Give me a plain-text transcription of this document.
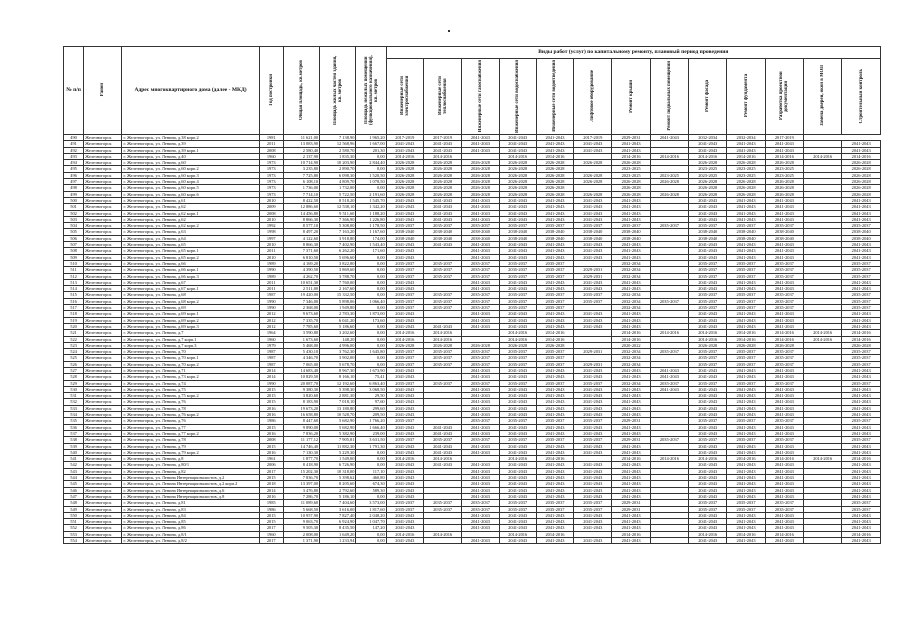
№ п/п	Район	Адрес многоквартирного дома (далее - МКД)	Год постройки	Общая площадь, кв.метров	Площадь жилых частей здания, кв. метров	Площадь нежилых помещений (функционального назначения), кв. метров	Виды работ (услуг) по капитальному ремонту, плановый период проведения												
							Инженерные сети электроснабжения	Инженерные сети теплоснабжения	Инженерные сети газоснабжения	Инженерные сети водоснабжения	Инженерные сети водоотведения	Лифтовое оборудование	Ремонт крыши	Ремонт подвальных помещений	Ремонт фасада	Ремонт фундамента	Разработка проектной документации	Замена дверей, окон в МОП	Строительный контроль
490	Железногорск	г. Железногорск, ул. Ленина, д.38 корп.2	1981	11 621,00	7 138,90	1 965,20	2017-2019	2017-2019	2041-2043	2041-2043	2041-2043	2017-2019	2029-2031	2041-2043	2032-2034	2032-2034	2017-2019		
491	Железногорск	г. Железногорск, ул. Ленина, д.39	2011	13 083,90	12 568,96	1 667,00	2041-2043	2041-2043	2041-2043	2041-2043	2041-2043	2041-2043	2041-2043		2041-2043	2041-2043	2041-2043		2041-2043
492	Железногорск	г. Железногорск, ул. Ленина, д.39 корп.1	2008	2 580,40	2 580,70	201,30	2041-2043	2041-2043	2041-2043	2041-2043	2041-2043	2041-2043	2041-2043		2041-2043	2041-2043	2041-2043		2041-2043
493	Железногорск	г. Железногорск, ул. Ленина, д.40	1960	2 137,90	1 835,30	0,00	2014-2016	2014-2016		2014-2016	2014-2016		2014-2016	2014-2016	2014-2016	2014-2016	2014-2016	2014-2016	2014-2016
494	Железногорск	г. Железногорск, ул. Ленина, д.60	1973	10 714,90	10 203,90	2 844,40	2026-2028	2026-2028	2026-2028	2026-2028	2026-2028	2026-2028	2026-2028		2026-2028	2026-2028	2026-2028		2026-2028
495	Железногорск	г. Железногорск, ул. Ленина, д.60 корп.2	1973	3 235,80	2 890,70	0,00	2026-2028	2026-2028	2026-2028	2026-2028	2026-2028		2023-2025		2023-2025	2023-2025	2023-2025		2026-2028
496	Железногорск	г. Железногорск, ул. Ленина, д.60 корп.3	1973	7 725,80	6 098,30	1 520,50	2026-2028	2026-2028	2026-2028	2026-2028	2026-2028	2026-2028	2023-2025	2023-2025	2023-2025	2023-2025	2023-2025		2026-2028
497	Железногорск	г. Железногорск, ул. Ленина, д.60 корп.4	1973	6 108,10	4 809,70	1 078,50	2026-2028	2026-2028	2026-2028	2026-2028	2026-2028	2026-2028	2026-2028	2026-2028	2026-2028	2026-2028	2026-2028		2026-2028
498	Железногорск	г. Железногорск, ул. Ленина, д.60 корп.5	1973	1 736,00	1 732,00	0,00	2026-2028	2026-2028	2026-2028	2026-2028	2026-2028		2026-2028		2026-2028	2026-2028	2026-2028		2026-2028
499	Железногорск	г. Железногорск, ул. Ленина, д.60 корп.6	1973	7 714,10	5 722,50	2 191,60	2026-2028	2026-2028	2026-2028	2026-2028	2026-2028	2026-2028	2026-2028	2026-2028	2026-2028	2026-2028	2026-2028		2026-2028
500	Железногорск	г. Железногорск, ул. Ленина, д.61	2010	8 422,50	8 518,20	1 545,70	2041-2043	2041-2043	2041-2043	2041-2043	2041-2043	2041-2043	2041-2043		2041-2043	2041-2043	2041-2043		2041-2043
501	Железногорск	г. Железногорск, ул. Ленина, д.62	2009	12 886,60	12 538,10	1 342,20	2041-2043	2041-2043	2041-2043	2041-2043	2041-2043	2041-2043	2041-2043		2041-2043	2041-2043	2041-2043		2041-2043
502	Железногорск	г. Железногорск, ул. Ленина, д.62 корп.1	2008	14 456,80	9 511,60	1 188,20	2041-2043	2041-2043	2041-2043	2041-2043	2041-2043	2041-2043	2041-2043		2041-2043	2041-2043	2041-2043		2041-2043
503	Железногорск	г. Железногорск, ул. Ленина, д.62	2010	8 866,30	7 366,90	1 226,80	2041-2043	2041-2043	2041-2043	2041-2043	2041-2043	2041-2043	2041-2043		2041-2043	2041-2043	2041-2043		2041-2043
504	Железногорск	г. Железногорск, ул. Ленина, д.62 корп.2	1992	8 577,10	5 308,00	1 178,50	2035-2037	2035-2037	2035-2037	2035-2037	2035-2037	2035-2037	2035-2037	2035-2037	2035-2037	2035-2037	2035-2037		2035-2037
505	Железногорск	г. Железногорск, ул. Ленина, д.63	1998	8 497,20	7 163,20	1 167,60	2038-2040	2038-2040	2038-2040	2038-2040	2038-2040	2038-2040	2038-2040		2038-2040	2038-2040	2038-2040		2038-2040
506	Железногорск	г. Железногорск, ул. Ленина, д.64	1997	4 122,60	3 918,80	174,00	2038-2040	2038-2040	2038-2040	2038-2040	2038-2040	2038-2040	2038-2040		2038-2040	2038-2040	2038-2040		2038-2040
507	Железногорск	г. Железногорск, ул. Ленина, д.65	2010	8 866,30	7 402,90	1 543,40	2041-2043	2041-2043	2041-2043	2041-2043	2041-2043	2041-2043	2041-2043		2041-2043	2041-2043	2041-2043		2041-2043
508	Железногорск	г. Железногорск, ул. Ленина, д.65 корп.1	2011	7 371,60	6 262,20	171,60	2041-2043		2041-2043	2041-2043	2041-2043	2041-2043	2041-2043		2041-2043	2041-2043	2041-2043		2041-2043
509	Железногорск	г. Железногорск, ул. Ленина, д.65 корп.2	2010	6 810,50	5 696,60	0,00	2041-2043		2041-2043	2041-2043	2041-2043	2041-2043	2041-2043		2041-2043	2041-2043	2041-2043		2041-2043
510	Железногорск	г. Железногорск, ул. Ленина, д.66	1989	4 169,20	3 822,80	0,00	2035-2037	2035-2037	2035-2037	2035-2037	2035-2037		2032-2034		2035-2037	2035-2037	2035-2037		2035-2037
511	Железногорск	г. Железногорск, ул. Ленина, д.66 корп.1	1990	4 390,50	3 869,60	0,00	2035-2037	2035-2037	2035-2037	2035-2037	2035-2037	2029-2031	2032-2034		2035-2037	2035-2037	2035-2037		2035-2037
512	Железногорск	г. Железногорск, ул. Ленина, д.66 корп.3	1989	4 262,70	3 788,70	0,00	2035-2037	2035-2037	2035-2037	2035-2037	2035-2037	2029-2031	2032-2034		2035-2037	2035-2037	2035-2037		2035-2037
513	Железногорск	г. Железногорск, ул. Ленина, д.67	2011	10 651,30	7 760,00	0,00	2041-2043		2041-2043	2041-2043	2041-2043	2041-2043	2041-2043		2041-2043	2041-2043	2041-2043		2041-2043
514	Железногорск	г. Железногорск, ул. Ленина, д.67 корп.1	2011	2 511,00	2 167,60	0,00	2041-2043		2041-2043	2041-2043	2041-2043	2041-2043	2041-2043		2041-2043	2041-2043	2041-2043		2041-2043
515	Железногорск	г. Железногорск, ул. Ленина, д.68	1987	19 420,00	15 332,50	0,00	2035-2037	2035-2037	2035-2037	2035-2037	2035-2037	2035-2037	2032-2034		2035-2037	2035-2037	2035-2037		2035-2037
516	Железногорск	г. Железногорск, ул. Ленина, д.68 корп.2	1990	7 346,00	5 898,06	1 066,40	2035-2037	2035-2037	2035-2037	2035-2037	2035-2037	2035-2037	2032-2034	2035-2037	2035-2037	2035-2037	2035-2037		2035-2037
517	Железногорск	г. Железногорск, ул. Ленина, д.69	1990	2 368,00	1 949,80	0,00	2035-2037	2035-2037	2035-2037	2035-2037	2035-2037		2032-2034		2035-2037	2035-2037	2035-2037		2035-2037
518	Железногорск	г. Железногорск, ул. Ленина, д.69 корп.1	2012	9 673,60	2 783,30	1 873,00	2041-2043		2041-2043	2041-2043	2041-2043	2041-2043	2041-2043		2041-2043	2041-2043	2041-2043		2041-2043
519	Железногорск	г. Железногорск, ул. Ленина, д.69 корп.2	2012	7 335,70	6 041,20	173,60	2041-2043		2041-2043	2041-2043	2041-2043	2041-2043	2041-2043		2041-2043	2041-2043	2041-2043		2041-2043
520	Железногорск	г. Железногорск, ул. Ленина, д.69 корп.3	2012	7 785,60	5 186,60	0,00	2041-2043	2041-2043	2041-2043	2041-2043	2041-2043	2041-2043	2041-2043		2041-2043	2041-2043	2041-2043		2041-2043
521	Железногорск	г. Железногорск, ул. Ленина, д.7	1964	3 590,80	3 202,60	0,00	2014-2016	2014-2016		2014-2016	2014-2016		2014-2016	2014-2016	2014-2016	2014-2016	2014-2016	2014-2016	2014-2016
522	Железногорск	г. Железногорск, ул. Ленина, д.7 корп.1	1960	1 673,60	148,20	0,00	2014-2016	2014-2016		2014-2016	2014-2016		2014-2016		2014-2016	2014-2016	2014-2016	2014-2016	2014-2016
523	Железногорск	г. Железногорск, ул. Ленина, д.7 корп.3	1979	5 468,00	4 996,00	0,00	2026-2028	2026-2028	2026-2028	2026-2028	2026-2028		2020-2022		2026-2028	2026-2028	2026-2028		2026-2028
524	Железногорск	г. Железногорск, ул. Ленина, д.70	1987	5 430,10	3 762,30	1 645,80	2035-2037	2035-2037	2035-2037	2035-2037	2035-2037	2029-2031	2032-2034	2035-2037	2035-2037	2035-2037	2035-2037		2035-2037
525	Железногорск	г. Железногорск, ул. Ленина, д.70 корп.1	1987	4 346,70	3 902,00	0,00	2035-2037	2035-2037	2035-2037	2035-2037	2035-2037		2032-2034		2035-2037	2035-2037	2035-2037		2035-2037
526	Железногорск	г. Железногорск, ул. Ленина, д.70 корп.2	1987	7 065,00	5 678,70	0,00	2035-2037	2035-2037	2035-2037	2035-2037	2035-2037	2029-2031	2032-2034		2035-2037	2035-2037	2035-2037		2035-2037
527	Железногорск	г. Железногорск, ул. Ленина, д.71	2014	14 683,40	8 967,30	1 673,90	2041-2043		2041-2043	2041-2043	2041-2043	2041-2043	2041-2043	2041-2043	2041-2043	2041-2043	2041-2043		2041-2043
528	Железногорск	г. Железногорск, ул. Ленина, д.73 корп.2	2014	10 829,50	8 166,10	75,41	2041-2043		2041-2043	2041-2043	2041-2043	2041-2043	2041-2043	2041-2043	2041-2043	2041-2043	2041-2043		2041-2043
529	Железногорск	г. Железногорск, ул. Ленина, д.74	1990	20 087,70	12 192,60	6 863,40	2035-2037	2035-2037	2035-2037	2035-2037	2035-2037	2035-2037	2032-2034	2035-2037	2035-2037	2035-2037	2035-2037		2035-2037
530	Железногорск	г. Железногорск, ул. Ленина, д.75	2015	9 380,30	5 398,30	3 068,50	2041-2043		2041-2043	2041-2043	2041-2043	2041-2043	2041-2043	2041-2043	2041-2043	2041-2043	2041-2043		2041-2043
531	Железногорск	г. Железногорск, ул. Ленина, д.75 корп.2	2015	3 820,60	2 881,30	29,50	2041-2043		2041-2043	2041-2043	2041-2043	2041-2043	2041-2043		2041-2043	2041-2043	2041-2043		2041-2043
532	Железногорск	г. Железногорск, ул. Ленина, д.76	2015	8 183,90	7 018,10	97,60	2041-2043		2041-2043	2041-2043	2041-2043	2041-2043	2041-2043		2041-2043	2041-2043	2041-2043		2041-2043
533	Железногорск	г. Железногорск, ул. Ленина, д.78	2016	19 673,20	13 180,80	299,60	2041-2043		2041-2043	2041-2043	2041-2043	2041-2043	2041-2043		2041-2043	2041-2043	2041-2043		2041-2043
534	Железногорск	г. Железногорск, ул. Ленина, д.76 корп.2	2016	16 658,80	10 528,70	209,50	2041-2043		2041-2043	2041-2043	2041-2043	2041-2043	2041-2043		2041-2043	2041-2043	2041-2043		2041-2043
535	Железногорск	г. Железногорск, ул. Ленина, д.76	1986	8 447,60	5 682,90	1 766,20	2035-2037		2035-2037	2035-2037	2035-2037	2035-2037	2029-2031		2035-2037	2035-2037	2035-2037		2035-2037
536	Железногорск	г. Железногорск, ул. Ленина, д.77	2015	9 890,00	5 682,90	1 666,40	2041-2043	2041-2043	2041-2043	2041-2043	2041-2043	2041-2043	2041-2043		2041-2043	2041-2043	2041-2043		2041-2043
537	Железногорск	г. Железногорск, ул. Ленина, д.77 корп.2	2016	7 836,20	5 382,90	239,00	2041-2043	2041-2043	2041-2043	2041-2043	2041-2043	2041-2043	2041-2043		2041-2043	2041-2043	2041-2043		2041-2043
538	Железногорск	г. Железногорск, ул. Ленина, д.78	2008	11 177,12	7 905,81	3 631,50	2035-2037	2035-2037	2035-2037	2035-2037	2035-2037	2035-2037	2029-2031	2035-2037	2035-2037	2035-2037	2035-2037		2035-2037
539	Железногорск	г. Железногорск, ул. Ленина, д.79	2015	14 746,40	11 882,30	1 791,30	2041-2043	2041-2043	2041-2043	2041-2043	2041-2043	2041-2043	2041-2043		2041-2043	2041-2043	2041-2043		2041-2043
540	Железногорск	г. Железногорск, ул. Ленина, д.79 корп.2	2016	7 130,30	5 229,30	0,00	2041-2043	2041-2043	2041-2043	2041-2043	2041-2043	2041-2043	2041-2043		2041-2043	2041-2043	2041-2043		2041-2043
541	Железногорск	г. Железногорск, ул. Ленина, д.8	1961	1 877,70	1 549,00	0,00	2014-2016	2014-2016		2014-2016	2014-2016		2014-2016	2014-2016	2014-2016	2014-2016	2014-2016	2014-2016	2014-2016
542	Железногорск	г. Железногорск, ул. Ленина, д.80/1	2006	8 418,90	6 726,90	0,00	2041-2043	2041-2043	2041-2043	2041-2043	2041-2043	2041-2043	2041-2043		2041-2043	2041-2043	2041-2043		2041-2043
543	Железногорск	г. Железногорск, ул. Ленина, д.82	2017	15 202,30	10 318,00	117,10	2041-2043		2041-2043	2041-2043	2041-2043	2041-2043	2041-2043		2041-2043	2041-2043	2041-2043		2041-2043
544	Железногорск	г. Железногорск, ул. Ленина Интернационалистов, д.2	2015	7 836,70	5 398,62	460,80	2041-2043		2041-2043	2041-2043	2041-2043	2041-2043	2041-2043		2041-2043	2041-2043	2041-2043		2041-2043
545	Железногорск	г. Железногорск, ул. Ленина Интернационалистов, д.2 корп.2	2018	13 397,00	8 205,60	674,30	2041-2043		2041-2043	2041-2043	2041-2043	2041-2043	2041-2043		2041-2043	2041-2043	2041-2043		2041-2043
546	Железногорск	г. Железногорск, ул. Ленина Интернационалистов, д.6	2014	3 476,80	2 792,60	589,30	2041-2043		2041-2043	2041-2043	2041-2043	2041-2043	2041-2043		2041-2043	2041-2043	2041-2043		2041-2043
547	Железногорск	г. Железногорск, ул. Ленина Интернационалистов, д.8	2016	7 286,70	5 186,10	0,00	2041-2043		2041-2043	2041-2043	2041-2043	2041-2043	2041-2043		2041-2043	2041-2043	2041-2043		2041-2043
548	Железногорск	г. Железногорск, ул. Ленина, д.81	1985	11 089,60	7 404,60	3 573,00	2035-2037	2035-2037	2035-2037	2035-2037	2035-2037	2035-2037	2029-2031		2035-2037	2035-2037	2035-2037		2035-2037
549	Железногорск	г. Железногорск, ул. Ленина, д.83	1986	5 668,50	3 616,00	1 817,60	2035-2037	2035-2037	2035-2037	2035-2037	2035-2037	2035-2037	2029-2031		2035-2037	2035-2037	2035-2037		2035-2037
550	Железногорск	г. Железногорск, ул. Ленина, д.84	2015	10 957,90	7 827,40	2 048,20	2041-2043		2041-2043	2041-2043	2041-2043	2041-2043	2041-2043		2041-2043	2041-2043	2041-2043		2041-2043
551	Железногорск	г. Железногорск, ул. Ленина, д.85	2015	9 063,70	6 924,90	1 047,70	2041-2043		2041-2043	2041-2043	2041-2043	2041-2043	2041-2043		2041-2043	2041-2043	2041-2043		2041-2043
552	Железногорск	г. Железногорск, ул. Ленина, д.86	2017	9 505,30	8 435,50	147,20	2041-2043		2041-2043	2041-2043	2041-2043	2041-2043	2041-2043		2041-2043	2041-2043	2041-2043		2041-2043
553	Железногорск	г. Железногорск, ул. Ленина, д.8/1	1960	2 008,00	1 649,20	0,00	2014-2016	2014-2016		2014-2016	2014-2016		2014-2016		2014-2016	2014-2016	2014-2016		2014-2016
554	Железногорск	г. Железногорск, ул. Ленина, д.8/2	2017	1 371,90	1 233,94	0,00	2041-2043		2041-2043	2041-2043	2041-2043	2041-2043	2041-2043		2041-2043	2041-2043	2041-2043		2041-2043
